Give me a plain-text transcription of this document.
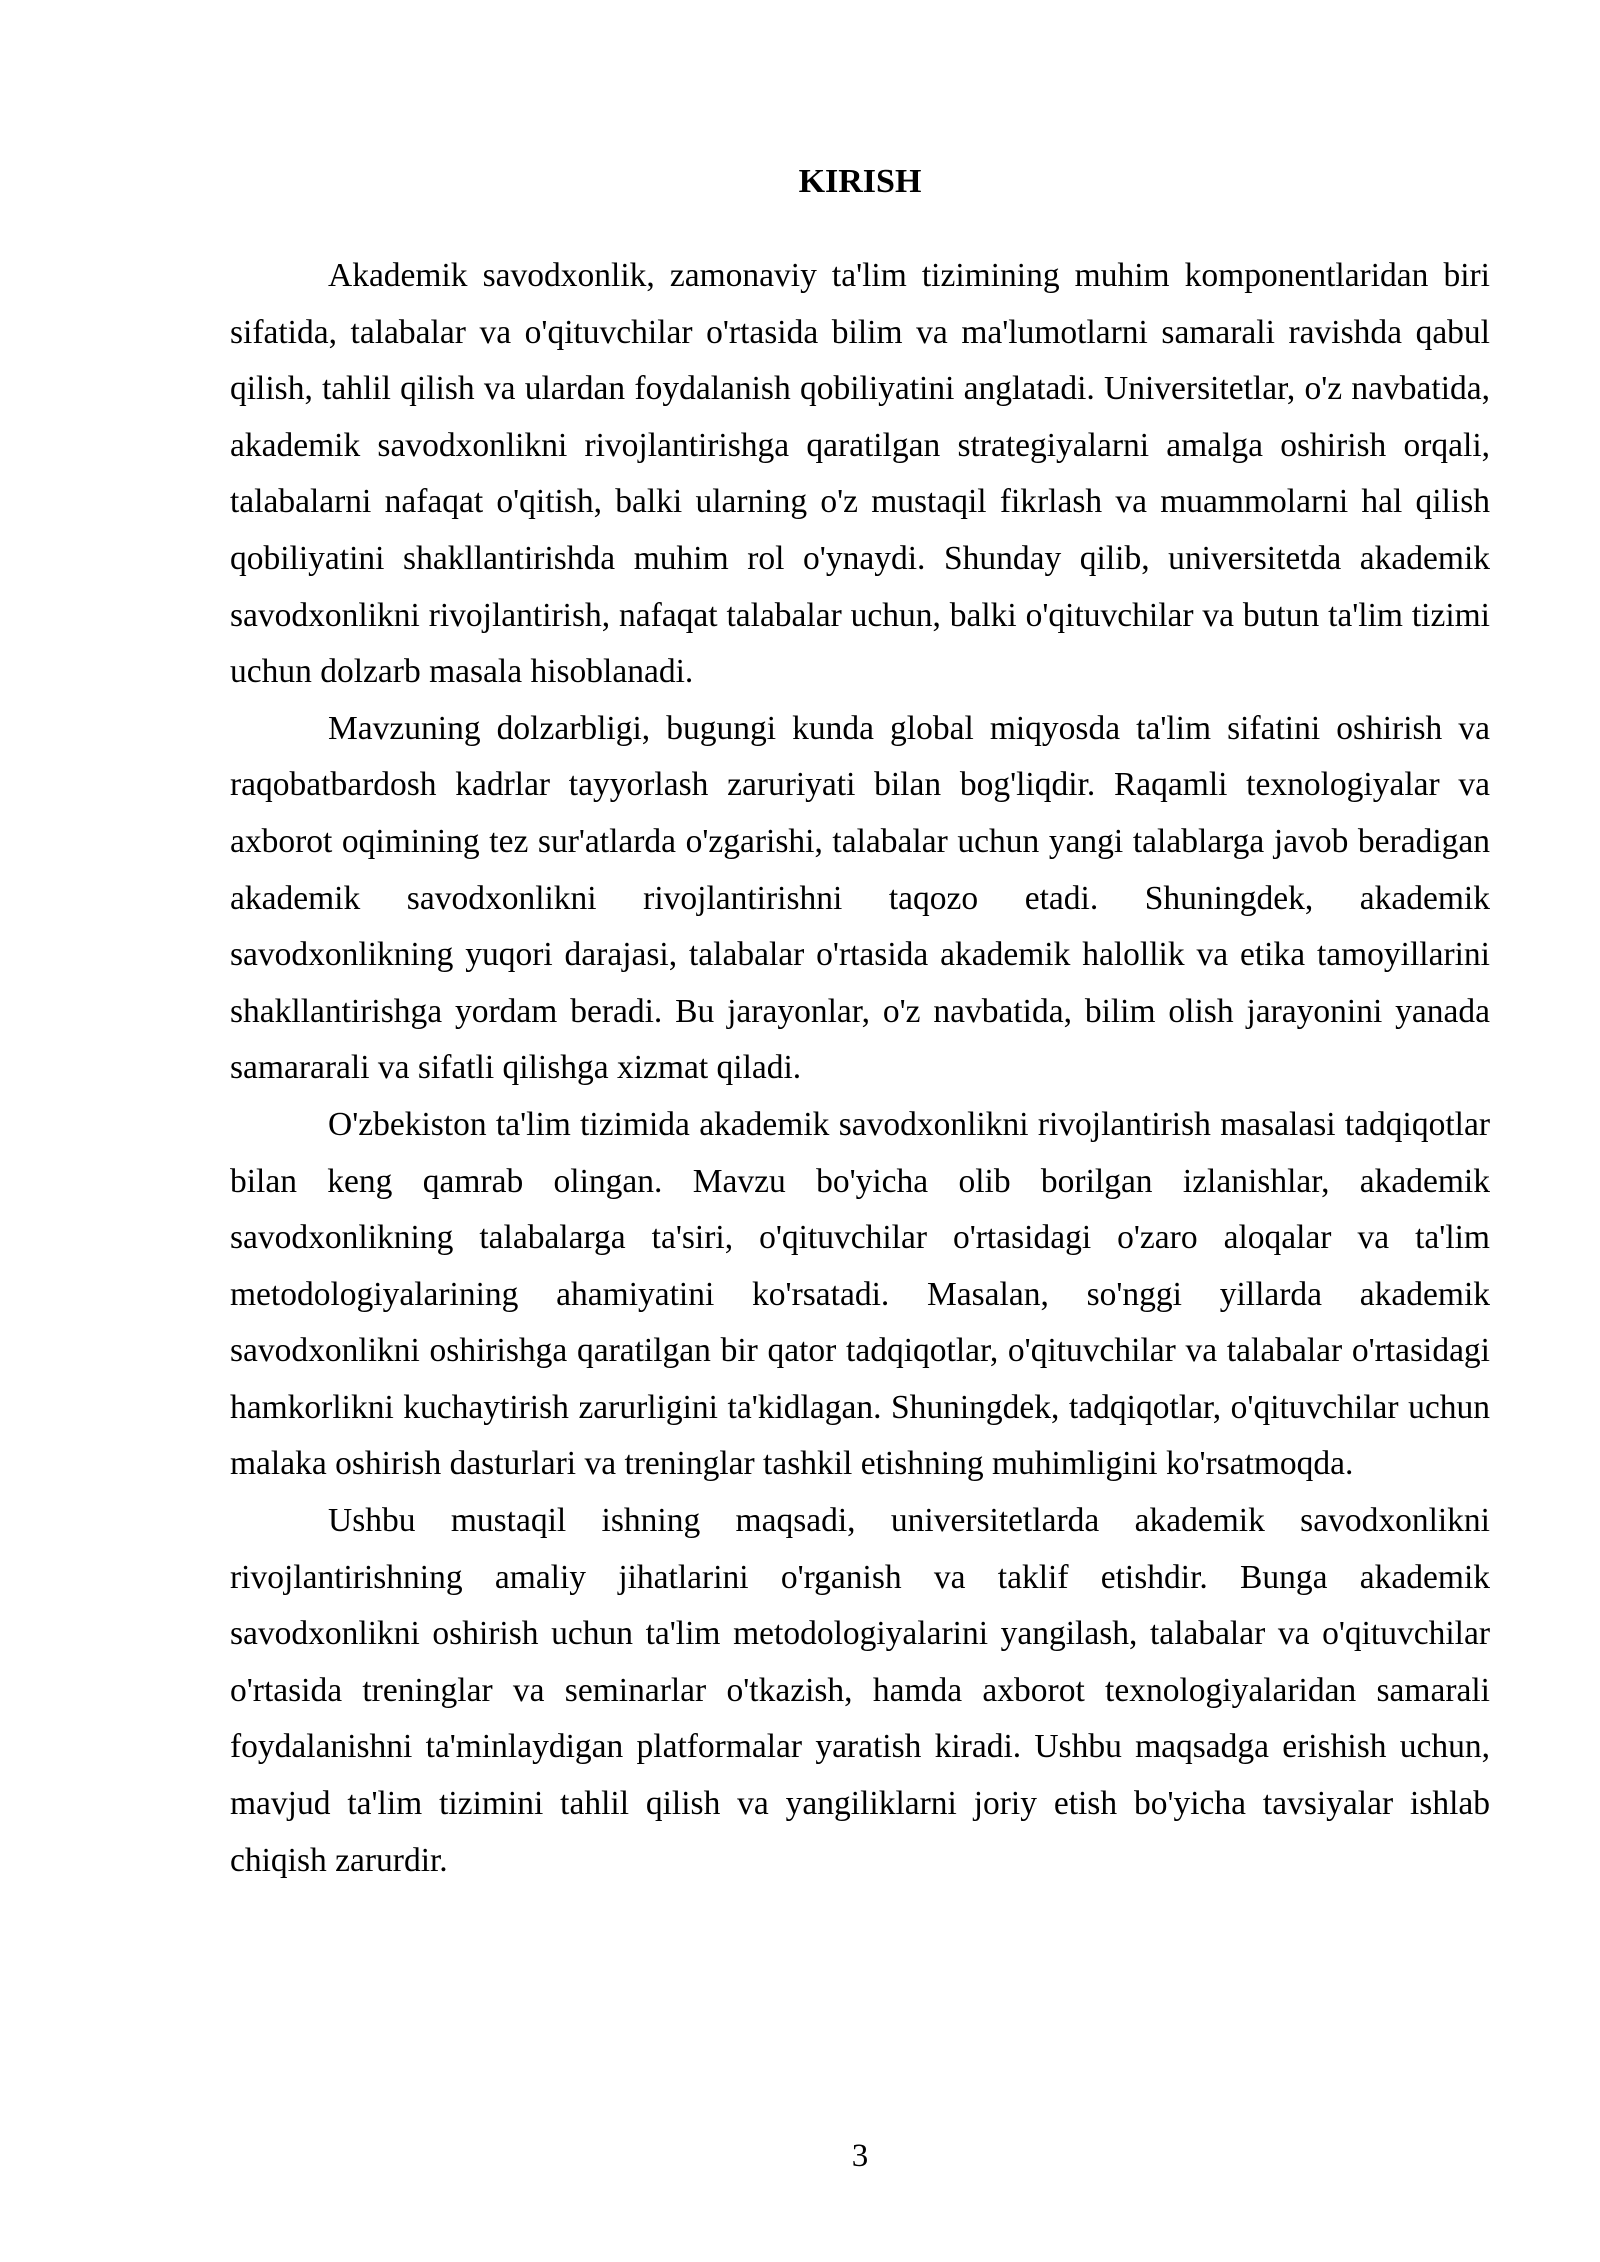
KIRISH

Akademik savodxonlik, zamonaviy ta'lim tizimining muhim komponentlaridan biri sifatida, talabalar va o'qituvchilar o'rtasida bilim va ma'lumotlarni samarali ravishda qabul qilish, tahlil qilish va ulardan foydalanish qobiliyatini anglatadi. Universitetlar, o'z navbatida, akademik savodxonlikni rivojlantirishga qaratilgan strategiyalarni amalga oshirish orqali, talabalarni nafaqat o'qitish, balki ularning o'z mustaqil fikrlash va muammolarni hal qilish qobiliyatini shakllantirishda muhim rol o'ynaydi. Shunday qilib, universitetda akademik savodxonlikni rivojlantirish, nafaqat talabalar uchun, balki o'qituvchilar va butun ta'lim tizimi uchun dolzarb masala hisoblanadi.

Mavzuning dolzarbligi, bugungi kunda global miqyosda ta'lim sifatini oshirish va raqobatbardosh kadrlar tayyorlash zaruriyati bilan bog'liqdir. Raqamli texnologiyalar va axborot oqimining tez sur'atlarda o'zgarishi, talabalar uchun yangi talablarga javob beradigan akademik savodxonlikni rivojlantirishni taqozo etadi. Shuningdek, akademik savodxonlikning yuqori darajasi, talabalar o'rtasida akademik halollik va etika tamoyillarini shakllantirishga yordam beradi. Bu jarayonlar, o'z navbatida, bilim olish jarayonini yanada samararali va sifatli qilishga xizmat qiladi.

O'zbekiston ta'lim tizimida akademik savodxonlikni rivojlantirish masalasi tadqiqotlar bilan keng qamrab olingan. Mavzu bo'yicha olib borilgan izlanishlar, akademik savodxonlikning talabalarga ta'siri, o'qituvchilar o'rtasidagi o'zaro aloqalar va ta'lim metodologiyalarining ahamiyatini ko'rsatadi. Masalan, so'nggi yillarda akademik savodxonlikni oshirishga qaratilgan bir qator tadqiqotlar, o'qituvchilar va talabalar o'rtasidagi hamkorlikni kuchaytirish zarurligini ta'kidlagan. Shuningdek, tadqiqotlar, o'qituvchilar uchun malaka oshirish dasturlari va treninglar tashkil etishning muhimligini ko'rsatmoqda.

Ushbu mustaqil ishning maqsadi, universitetlarda akademik savodxonlikni rivojlantirishning amaliy jihatlarini o'rganish va taklif etishdir. Bunga akademik savodxonlikni oshirish uchun ta'lim metodologiyalarini yangilash, talabalar va o'qituvchilar o'rtasida treninglar va seminarlar o'tkazish, hamda axborot texnologiyalaridan samarali foydalanishni ta'minlaydigan platformalar yaratish kiradi. Ushbu maqsadga erishish uchun, mavjud ta'lim tizimini tahlil qilish va yangiliklarni joriy etish bo'yicha tavsiyalar ishlab chiqish zarurdir.

3
